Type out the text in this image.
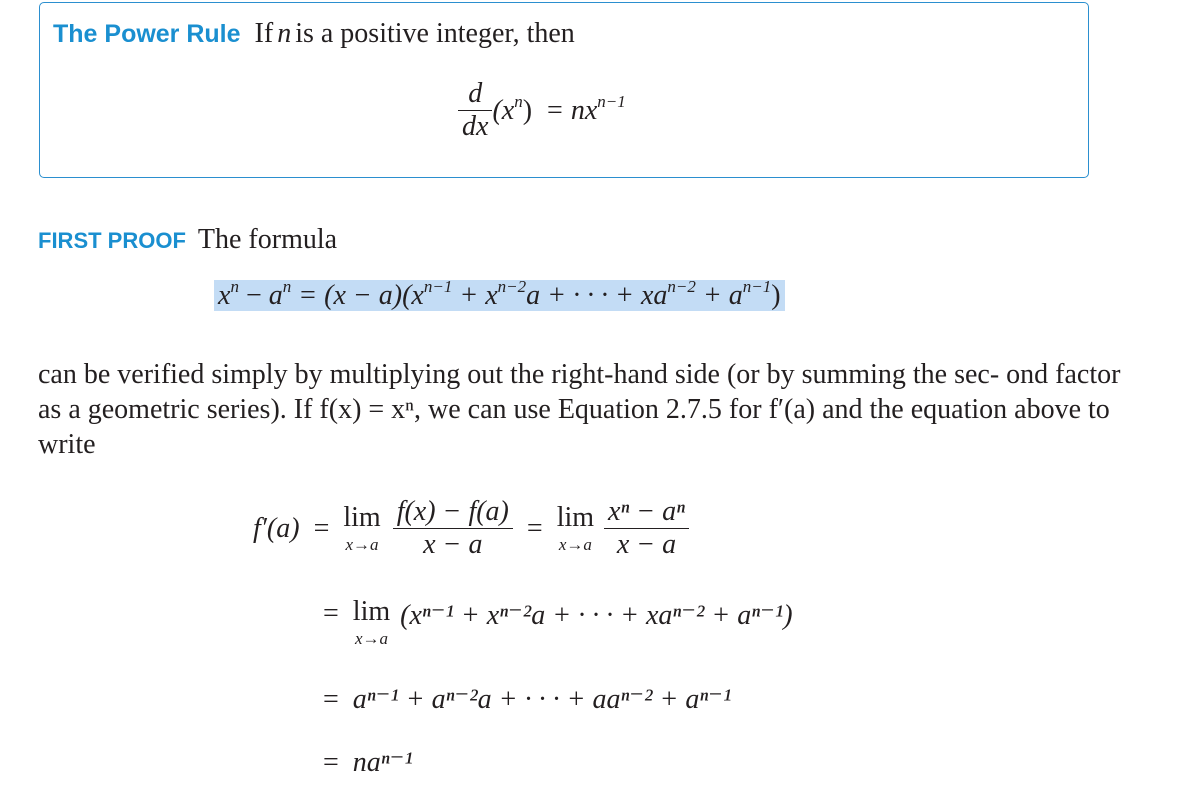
The Power Rule If n is a positive integer, then
$\frac{d}{dx} (x^n) = nx^{n-1}$
FIRST PROOF The formula
$x^n - a^n = (x - a)(x^{n-1} + x^{n-2}a$ + · · · + $xa^{n-2} + a^{n-1}$)
can be verified simply by multiplying out the right-hand side (or by summing the sec- ond factor as a geometric series). If f(x) = xⁿ, we can use Equation 2.7.5 for f′(a) and the equation above to write
f′(a) = lim
$x\to a \frac{f(x) - f(a)}{x - a} = \lim$
$x\to a \frac{\text{xⁿ − aⁿ}}{x - a}$
= lim
x→a
(xⁿ⁻¹ + xⁿ⁻²a + · · · + xaⁿ⁻² + aⁿ⁻¹)
= aⁿ⁻¹ + aⁿ⁻²a + · · · + aaⁿ⁻² + aⁿ⁻¹
= naⁿ⁻¹
